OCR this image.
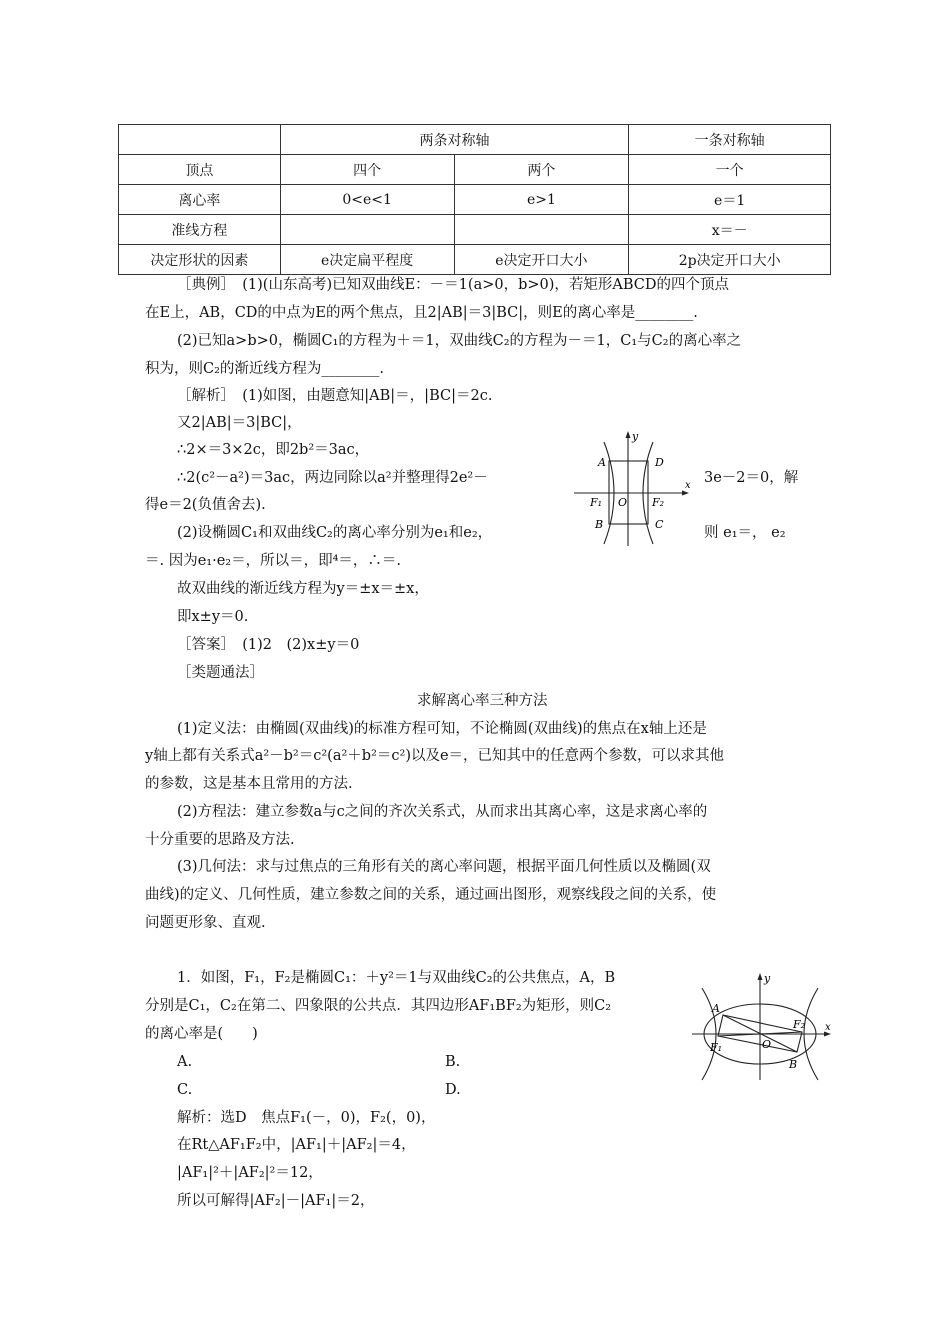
	两条对称轴		一条对称轴
顶点	四个	两个	一个
离心率	0<e<1	e>1	e＝1
准线方程			x＝－
决定形状的因素	e决定扁平程度	e决定开口大小	2p决定开口大小
［典例］　(1)(山东高考)已知双曲线E：－＝1(a>0，b>0)，若矩形ABCD的四个顶点
在E上，AB，CD的中点为E的两个焦点，且2|AB|＝3|BC|，则E的离心率是________.
(2)已知a>b>0，椭圆C₁的方程为＋＝1，双曲线C₂的方程为－＝1，C₁与C₂的离心率之
积为，则C₂的渐近线方程为________.
［解析］　(1)如图，由题意知|AB|＝，|BC|＝2c.
又2|AB|＝3|BC|，
∴2×＝3×2c，即2b²＝3ac，
∴2(c²－a²)＝3ac，两边同除以a²并整理得2e²－	3e－2＝0，解
得e＝2(负值舍去).
(2)设椭圆C₁和双曲线C₂的离心率分别为e₁和e₂，	则 e₁＝， e₂
＝. 因为e₁·e₂＝，所以＝，即⁴＝，∴＝.
故双曲线的渐近线方程为y＝±x＝±x，
即x±y＝0.
［答案］　(1)2　(2)x±y＝0
［类题通法］
求解离心率三种方法
(1)定义法：由椭圆(双曲线)的标准方程可知，不论椭圆(双曲线)的焦点在x轴上还是
y轴上都有关系式a²－b²＝c²(a²＋b²＝c²)以及e＝，已知其中的任意两个参数，可以求其他
的参数，这是基本且常用的方法.
(2)方程法：建立参数a与c之间的齐次关系式，从而求出其离心率，这是求离心率的
十分重要的思路及方法.
(3)几何法：求与过焦点的三角形有关的离心率问题，根据平面几何性质以及椭圆(双
曲线)的定义、几何性质，建立参数之间的关系，通过画出图形，观察线段之间的关系，使
问题更形象、直观.
1．如图，F₁，F₂是椭圆C₁：＋y²＝1与双曲线C₂的公共焦点，A，B
分别是C₁，C₂在第二、四象限的公共点．其四边形AF₁BF₂为矩形，则C₂
的离心率是(　　)
A.	B.
C.	D.
解析：选D　焦点F₁(－，0)，F₂(，0)，
在Rt△AF₁F₂中，|AF₁|＋|AF₂|＝4，
|AF₁|²＋|AF₂|²＝12，
所以可解得|AF₂|－|AF₁|＝2，
y
x
A	D
B	C
F₁ O F₂
y
x
A
B
F₁	O
F₂
